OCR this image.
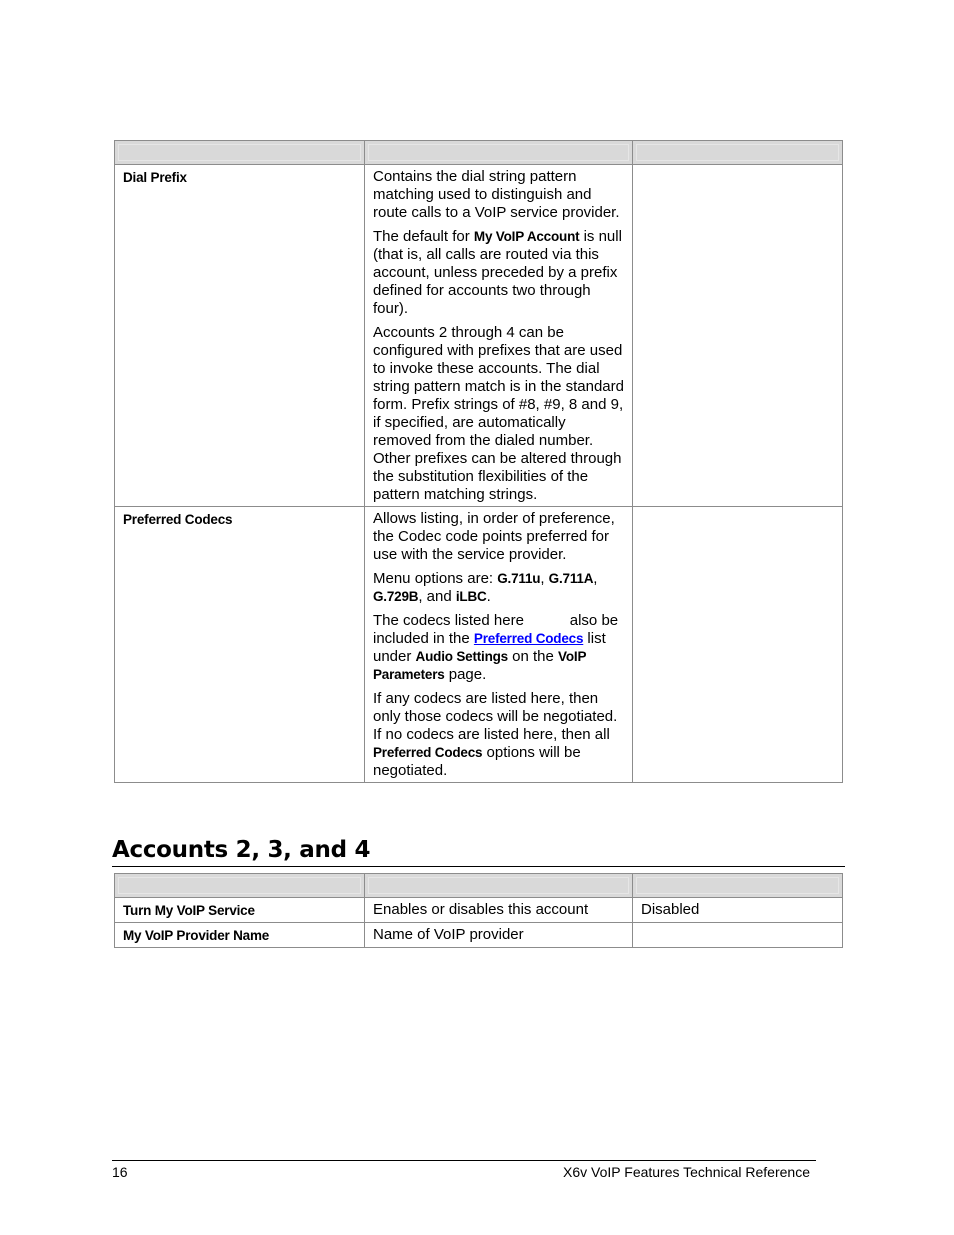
Dial Prefix	Contains the dial string pattern matching used to distinguish and route calls to a VoIP service provider.

The default for My VoIP Account is null (that is, all calls are routed via this account, unless preceded by a prefix defined for accounts two through four).

Accounts 2 through 4 can be configured with prefixes that are used to invoke these accounts. The dial string pattern match is in the standard form. Prefix strings of #8, #9, 8 and 9, if specified, are automatically removed from the dialed number. Other prefixes can be altered through the substitution flexibilities of the pattern matching strings.	

Preferred Codecs	Allows listing, in order of preference, the Codec code points preferred for use with the service provider.

Menu options are: G.711u, G.711A,
G.729B, and iLBC.

The codecs listed here           also be included in the Preferred Codecs list under Audio Settings on the VoIP Parameters page.

If any codecs are listed here, then only those codecs will be negotiated. If no codecs are listed here, then all Preferred Codecs options will be negotiated.	

Accounts 2, 3, and 4

Turn My VoIP Service	Enables or disables this account	Disabled

My VoIP Provider Name	Name of VoIP provider	
16	X6v VoIP Features Technical Reference
